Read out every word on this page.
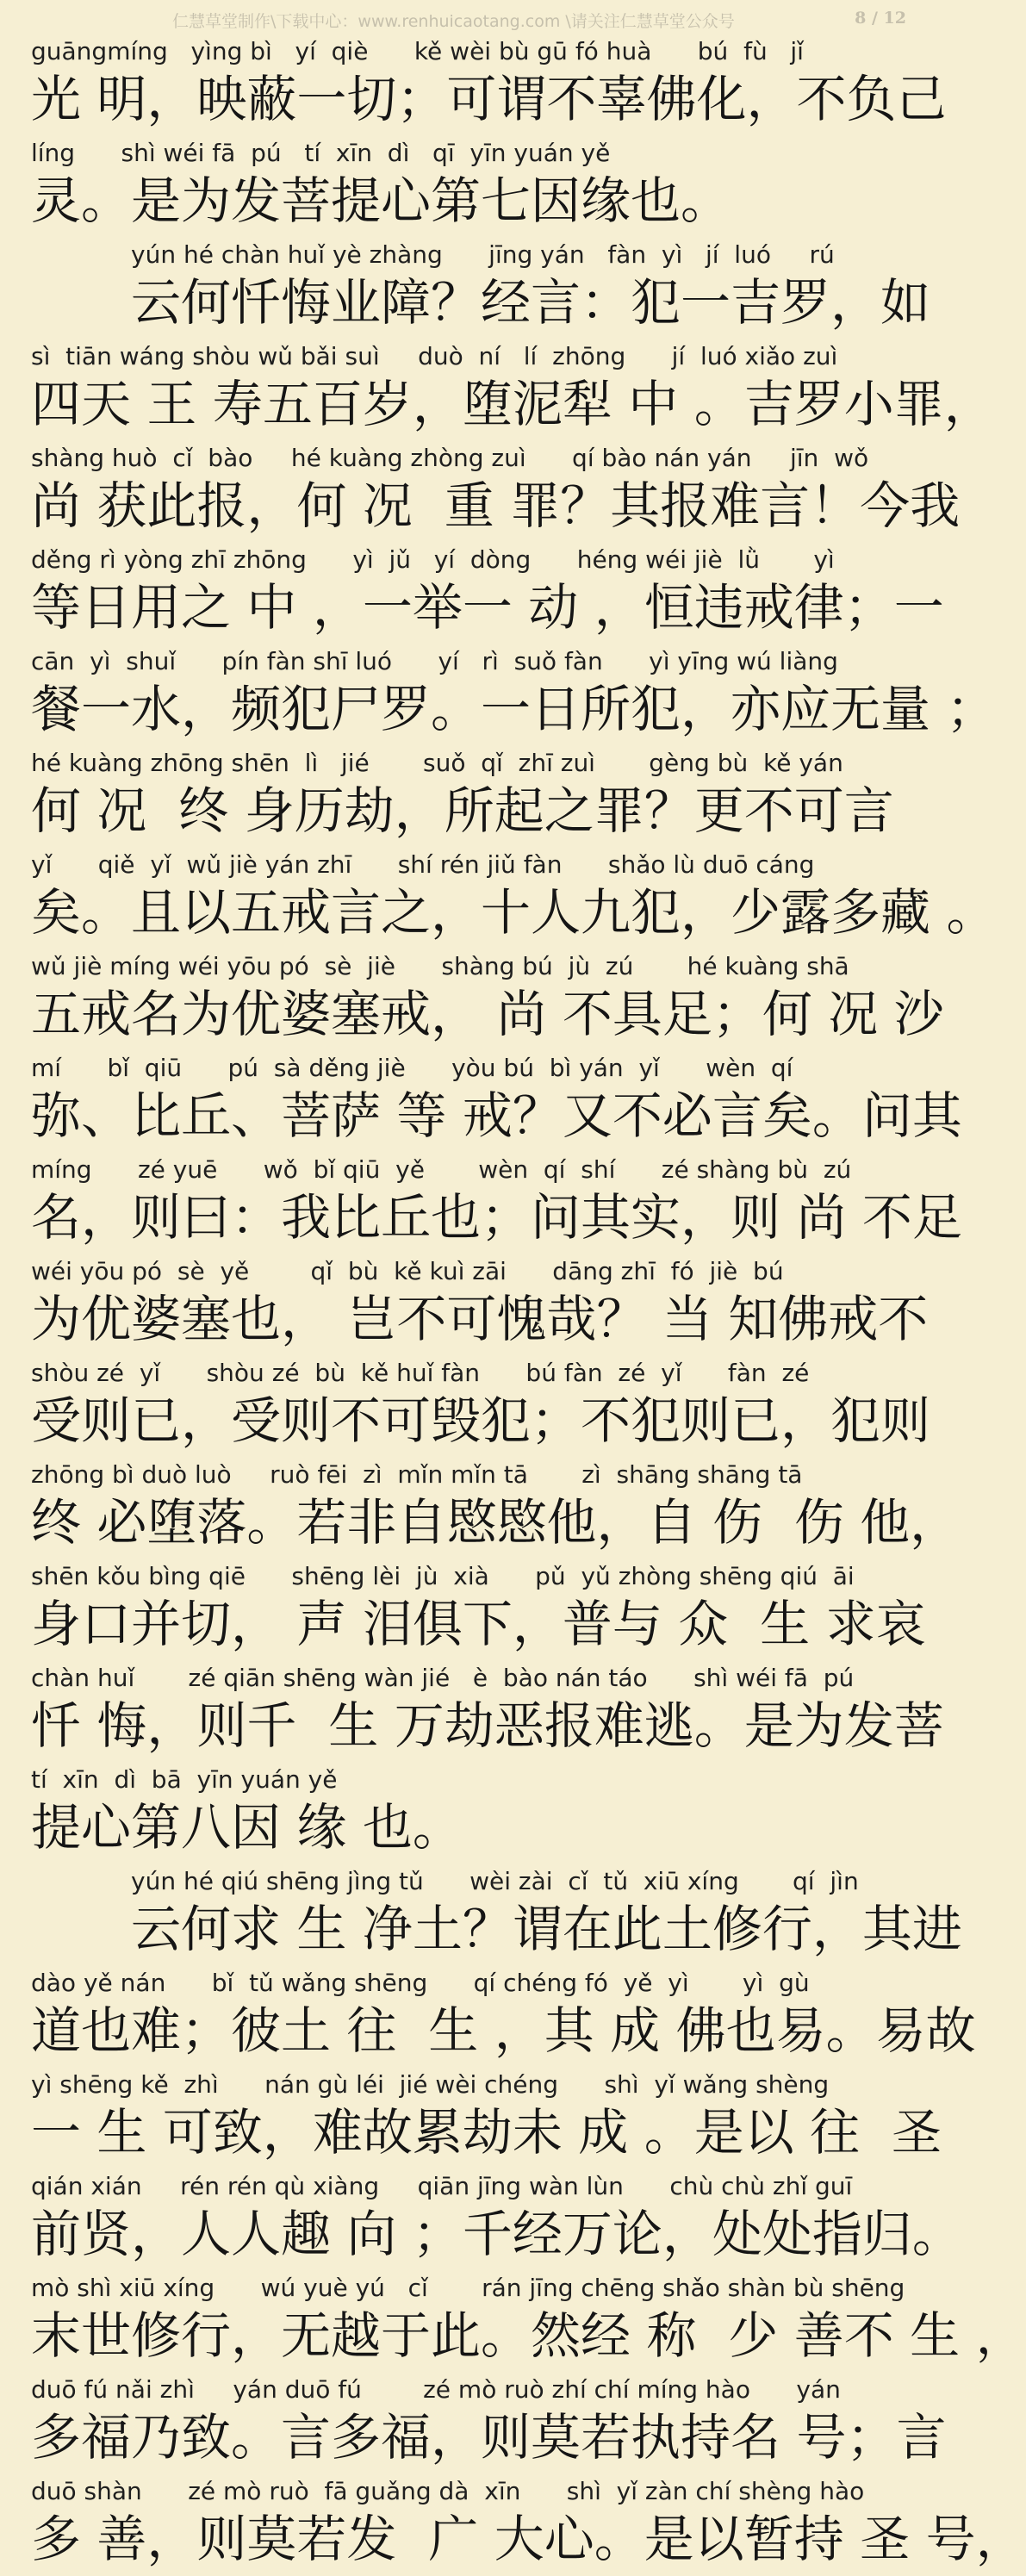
仁慧草堂制作\下载中心：www.renhuicaotang.com \请关注仁慧草堂公众号	8 / 12
guāngmíng   yìng bì   yí  qiè      kě wèi bù gū fó huà      bú  fù   jǐ
光 明，映蔽一切；可谓不辜佛化，不负己
líng      shì wéi fā  pú   tí  xīn  dì   qī  yīn yuán yě
灵。是为发菩提心第七因缘也。
yún hé chàn huǐ yè zhàng      jīng yán   fàn  yì   jí  luó     rú
云何忏悔业障？经言：犯一吉罗，如
sì  tiān wáng shòu wǔ bǎi suì     duò  ní   lí  zhōng      jí  luó xiǎo zuì
四天 王 寿五百岁，堕泥犁 中 。吉罗小罪，
shàng huò  cǐ  bào     hé kuàng zhòng zuì      qí bào nán yán     jīn  wǒ
尚 获此报，何 况  重 罪？其报难言！今我
děng rì yòng zhī zhōng      yì  jǔ   yí  dòng      héng wéi jiè  lǜ       yì
等日用之 中 ，一举一 动 ，恒违戒律；一
cān  yì  shuǐ      pín fàn shī luó      yí   rì  suǒ fàn      yì yīng wú liàng
餐一水，频犯尸罗。一日所犯，亦应无量 ；
hé kuàng zhōng shēn  lì   jié       suǒ  qǐ  zhī zuì       gèng bù  kě yán
何 况  终 身历劫，所起之罪？更不可言
yǐ      qiě  yǐ  wǔ jiè yán zhī      shí rén jiǔ fàn      shǎo lù duō cáng
矣。且以五戒言之，十人九犯，少露多藏 。
wǔ jiè míng wéi yōu pó  sè  jiè      shàng bú  jù  zú       hé kuàng shā
五戒名为优婆塞戒， 尚 不具足；何 况 沙
mí      bǐ  qiū      pú  sà děng jiè      yòu bú  bì yán  yǐ      wèn  qí
弥、比丘、菩萨 等 戒？又不必言矣。问其
míng      zé yuē      wǒ  bǐ qiū  yě       wèn  qí  shí      zé shàng bù  zú
名，则曰：我比丘也；问其实，则 尚 不足
wéi yōu pó  sè  yě        qǐ  bù  kě kuì zāi      dāng zhī  fó  jiè  bú
为优婆塞也， 岂不可愧哉？ 当 知佛戒不
shòu zé  yǐ      shòu zé  bù  kě huǐ fàn      bú fàn  zé  yǐ      fàn  zé
受则已，受则不可毁犯；不犯则已，犯则
zhōng bì duò luò     ruò fēi  zì  mǐn mǐn tā       zì  shāng shāng tā
终 必堕落。若非自愍愍他，自 伤  伤 他，
shēn kǒu bìng qiē      shēng lèi  jù  xià      pǔ  yǔ zhòng shēng qiú  āi
身口并切， 声 泪俱下，普与 众  生 求哀
chàn huǐ       zé qiān shēng wàn jié   è  bào nán táo      shì wéi fā  pú
忏 悔，则千  生 万劫恶报难逃。是为发菩
tí  xīn  dì  bā  yīn yuán yě
提心第八因 缘 也。
yún hé qiú shēng jìng tǔ      wèi zài  cǐ  tǔ  xiū xíng       qí  jìn
云何求 生 净土？谓在此土修行，其进
dào yě nán      bǐ  tǔ wǎng shēng      qí chéng fó  yě  yì       yì  gù
道也难；彼土 往  生 ，其 成 佛也易。易故
yì shēng kě  zhì      nán gù léi  jié wèi chéng      shì  yǐ wǎng shèng
一 生 可致，难故累劫未 成 。是以 往  圣
qián xián     rén rén qù xiàng     qiān jīng wàn lùn      chù chù zhǐ guī
前贤，人人趣 向 ；千经万论，处处指归。
mò shì xiū xíng      wú yuè yú   cǐ       rán jīng chēng shǎo shàn bù shēng
末世修行，无越于此。然经 称  少 善不 生 ，
duō fú nǎi zhì     yán duō fú        zé mò ruò zhí chí míng hào      yán
多福乃致。言多福，则莫若执持名 号；言
duō shàn      zé mò ruò  fā guǎng dà  xīn      shì  yǐ zàn chí shèng hào
多 善，则莫若发  广 大心。是以暂持 圣 号，
